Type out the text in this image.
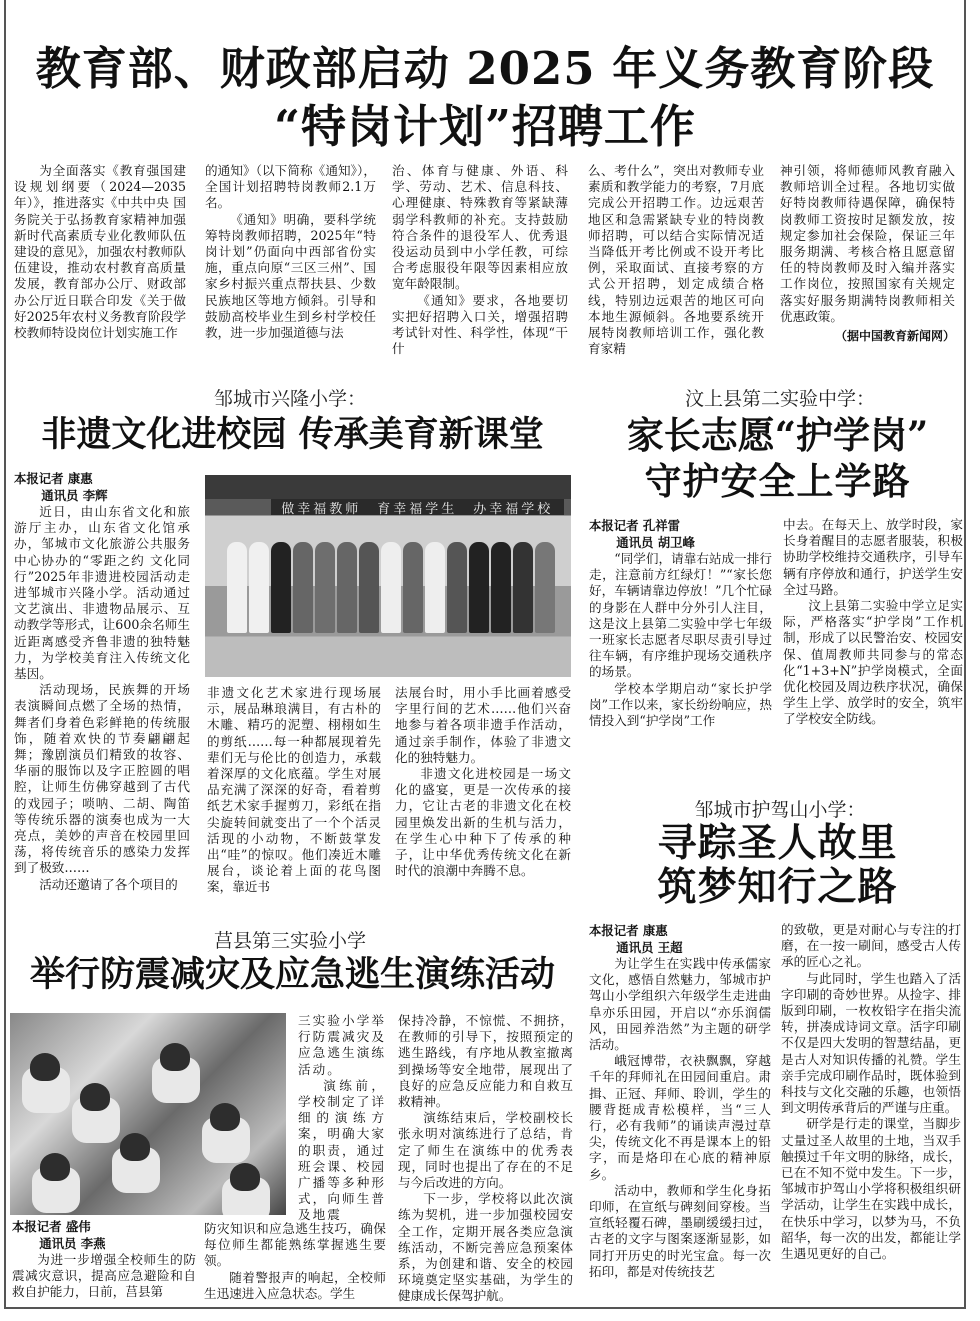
教育部、财政部启动 2025 年义务教育阶段
“特岗计划”招聘工作

为全面落实《教育强国建设规划纲要（2024—2035年）》，推进落实《中共中央 国务院关于弘扬教育家精神加强新时代高素质专业化教师队伍建设的意见》，加强农村教师队伍建设，推动农村教育高质量发展，教育部办公厅、财政部办公厅近日联合印发《关于做好2025年农村义务教育阶段学校教师特设岗位计划实施工作

的通知》（以下简称《通知》），全国计划招聘特岗教师2.1万名。

《通知》明确，要科学统筹特岗教师招聘，2025年“特岗计划”仍面向中西部省份实施，重点向原“三区三州”、国家乡村振兴重点帮扶县、少数民族地区等地方倾斜。引导和鼓励高校毕业生到乡村学校任教，进一步加强道德与法

治、体育与健康、外语、科学、劳动、艺术、信息科技、心理健康、特殊教育等紧缺薄弱学科教师的补充。支持鼓励符合条件的退役军人、优秀退役运动员到中小学任教，可综合考虑服役年限等因素相应放宽年龄限制。

《通知》要求，各地要切实把好招聘入口关，增强招聘考试针对性、科学性，体现“干什

么、考什么”，突出对教师专业素质和教学能力的考察，7月底完成公开招聘工作。边远艰苦地区和急需紧缺专业的特岗教师招聘，可以结合实际情况适当降低开考比例或不设开考比例，采取面试、直接考察的方式公开招聘，划定成绩合格线，特别边远艰苦的地区可向本地生源倾斜。各地要系统开展特岗教师培训工作，强化教育家精

神引领，将师德师风教育融入教师培训全过程。各地切实做好特岗教师待遇保障，确保特岗教师工资按时足额发放，按规定参加社会保险，保证三年服务期满、考核合格且愿意留任的特岗教师及时入编并落实工作岗位，按照国家有关规定落实好服务期满特岗教师相关优惠政策。

（据中国教育新闻网）
邹城市兴隆小学：
非遗文化进校园 传承美育新课堂
本报记者 康惠
通讯员 李辉

近日，由山东省文化和旅游厅主办，山东省文化馆承办，邹城市文化旅游公共服务中心协办的“零距之约 文化同行”2025年非遗进校园活动走进邹城市兴隆小学。活动通过文艺演出、非遗物品展示、互动教学等形式，让600余名师生近距离感受齐鲁非遗的独特魅力，为学校美育注入传统文化基因。

活动现场，民族舞的开场表演瞬间点燃了全场的热情，舞者们身着色彩鲜艳的传统服饰，随着欢快的节奏翩翩起舞；豫剧演员们精致的妆容、华丽的服饰以及字正腔圆的唱腔，让师生仿佛穿越到了古代的戏园子；唢呐、二胡、陶笛等传统乐器的演奏也成为一大亮点，美妙的声音在校园里回荡，将传统音乐的感染力发挥到了极致……

活动还邀请了各个项目的

做幸福教师　育幸福学生　办幸福学校

非遗文化艺术家进行现场展示，展品琳琅满目，有古朴的木雕、精巧的泥塑、栩栩如生的剪纸……每一种都展现着先辈们无与伦比的创造力，承载着深厚的文化底蕴。学生对展品充满了深深的好奇，看着剪纸艺术家手握剪刀，彩纸在指尖旋转间就变出了一个个活灵活现的小动物，不断鼓掌发出“哇”的惊叹。他们凑近木雕展台，谈论着上面的花鸟图案，靠近书

法展台时，用小手比画着感受字里行间的艺术……他们兴奋地参与着各项非遗手作活动，通过亲手制作，体验了非遗文化的独特魅力。

非遗文化进校园是一场文化的盛宴，更是一次传承的接力，它让古老的非遗文化在校园里焕发出新的生机与活力，在学生心中种下了传承的种子，让中华优秀传统文化在新时代的浪潮中奔腾不息。

汶上县第二实验中学：
家长志愿“护学岗”
守护安全上学路
本报记者 孔祥雷
通讯员 胡卫峰

“同学们，请靠右站成一排行走，注意前方红绿灯！”“家长您好，车辆请靠边停放！”几个忙碌的身影在人群中分外引人注目，这是汶上县第二实验中学七年级一班家长志愿者尽职尽责引导过往车辆，有序维护现场交通秩序的场景。

学校本学期启动“家长护学岗”工作以来，家长纷纷响应，热情投入到“护学岗”工作

中去。在每天上、放学时段，家长身着醒目的志愿者服装，积极协助学校维持交通秩序，引导车辆有序停放和通行，护送学生安全过马路。

汶上县第二实验中学立足实际，严格落实“护学岗”工作机制，形成了以民警治安、校园安保、值周教师共同参与的常态化“1+3+N”护学岗模式，全面优化校园及周边秩序状况，确保学生上学、放学时的安全，筑牢了学校安全防线。

邹城市护驾山小学：
寻踪圣人故里
筑梦知行之路
本报记者 康惠
通讯员 王超

为让学生在实践中传承儒家文化，感悟自然魅力，邹城市护驾山小学组织六年级学生走进曲阜亦乐田园，开启以“亦乐润儒风，田园养浩然”为主题的研学活动。

峨冠博带，衣袂飘飘，穿越千年的拜师礼在田园间重启。肃揖、正冠、拜师、聆训，学生的腰背挺成青松模样，当“三人行，必有我师”的诵读声漫过草尖，传统文化不再是课本上的铅字，而是烙印在心底的精神原乡。

活动中，教师和学生化身拓印师，在宣纸与碑刻间穿梭。当宣纸轻覆石碑，墨刷缓缓扫过，古老的文字与图案逐渐显影，如同打开历史的时光宝盒。每一次拓印，都是对传统技艺

的致敬，更是对耐心与专注的打磨，在一按一刷间，感受古人传承的匠心之礼。

与此同时，学生也踏入了活字印刷的奇妙世界。从捡字、排版到印刷，一枚枚铅字在指尖流转，拼凑成诗词文章。活字印刷不仅是四大发明的智慧结晶，更是古人对知识传播的礼赞。学生亲手完成印刷作品时，既体验到科技与文化交融的乐趣，也领悟到文明传承背后的严谨与庄重。

研学是行走的课堂，当脚步丈量过圣人故里的土地，当双手触摸过千年文明的脉络，成长，已在不知不觉中发生。下一步，邹城市护驾山小学将积极组织研学活动，让学生在实践中成长，在快乐中学习，以梦为马，不负韶华，每一次的出发，都能让学生遇见更好的自己。

莒县第三实验小学
举行防震减灾及应急逃生演练活动

三实验小学举行防震减灾及应急逃生演练活动。

演练前，学校制定了详细的演练方案，明确大家的职责，通过班会课、校园广播等多种形式，向师生普及地震

本报记者 盛伟
通讯员 李燕

为进一步增强全校师生的防震减灾意识，提高应急避险和自救自护能力，日前，莒县第

防灾知识和应急逃生技巧，确保每位师生都能熟练掌握逃生要领。

随着警报声的响起，全校师生迅速进入应急状态。学生

保持冷静，不惊慌、不拥挤，在教师的引导下，按照预定的逃生路线，有序地从教室撤离到操场等安全地带，展现出了良好的应急反应能力和自救互救精神。

演练结束后，学校副校长张永明对演练进行了总结，肯定了师生在演练中的优秀表现，同时也提出了存在的不足与今后改进的方向。

下一步，学校将以此次演练为契机，进一步加强校园安全工作，定期开展各类应急演练活动，不断完善应急预案体系，为创建和谐、安全的校园环境奠定坚实基础，为学生的健康成长保驾护航。
